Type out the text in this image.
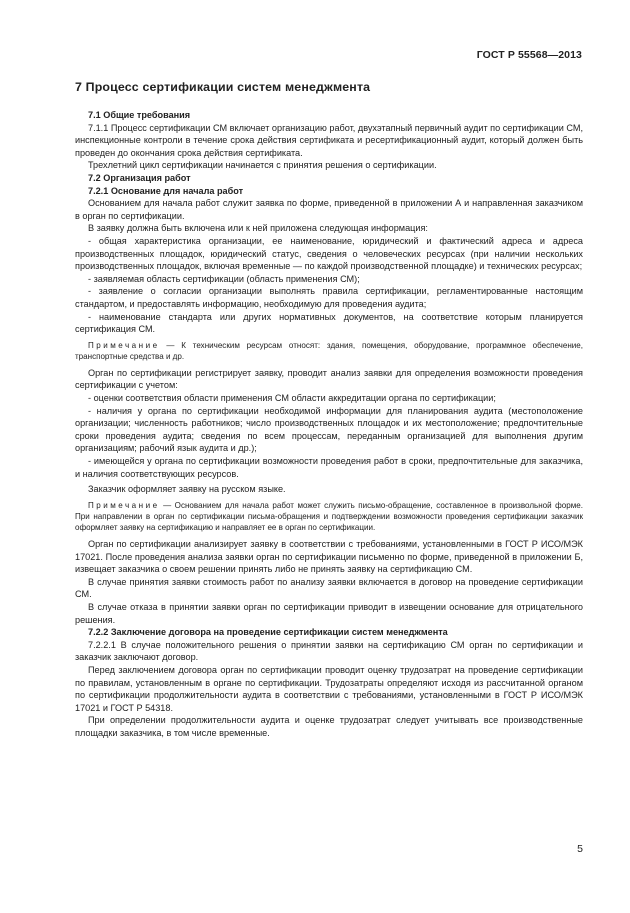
ГОСТ Р 55568—2013
7 Процесс сертификации систем менеджмента

7.1 Общие требования

7.1.1 Процесс сертификации СМ включает организацию работ, двухэтапный первичный аудит по сертификации СМ, инспекционные контроли в течение срока действия сертификата и ресертификационный аудит, который должен быть проведен до окончания срока действия сертификата.

Трехлетний цикл сертификации начинается с принятия решения о сертификации.

7.2 Организация работ

7.2.1 Основание для начала работ

Основанием для начала работ служит заявка по форме, приведенной в приложении А и направленная заказчиком в орган по сертификации.

В заявку должна быть включена или к ней приложена следующая информация:

- общая характеристика организации, ее наименование, юридический и фактический адреса и адреса производственных площадок, юридический статус, сведения о человеческих ресурсах (при наличии нескольких производственных площадок, включая временные — по каждой производственной площадке) и технических ресурсах;

- заявляемая область сертификации (область применения СМ);

- заявление о согласии организации выполнять правила сертификации, регламентированные настоящим стандартом, и предоставлять информацию, необходимую для проведения аудита;

- наименование стандарта или других нормативных документов, на соответствие которым планируется сертификация СМ.

Примечание — К техническим ресурсам относят: здания, помещения, оборудование, программное обеспечение, транспортные средства и др.

Орган по сертификации регистрирует заявку, проводит анализ заявки для определения возможности проведения сертификации с учетом:

- оценки соответствия области применения СМ области аккредитации органа по сертификации;

- наличия у органа по сертификации необходимой информации для планирования аудита (местоположение организации; численность работников; число производственных площадок и их местоположение; предпочтительные сроки проведения аудита; сведения по всем процессам, переданным организацией для выполнения другим организациям; рабочий язык аудита и др.);

- имеющейся у органа по сертификации возможности проведения работ в сроки, предпочтительные для заказчика, и наличия соответствующих ресурсов.

Заказчик оформляет заявку на русском языке.

Примечание — Основанием для начала работ может служить письмо-обращение, составленное в произвольной форме. При направлении в орган по сертификации письма-обращения и подтверждении возможности проведения сертификации заказчик оформляет заявку на сертификацию и направляет ее в орган по сертификации.

Орган по сертификации анализирует заявку в соответствии с требованиями, установленными в ГОСТ Р ИСО/МЭК 17021. После проведения анализа заявки орган по сертификации письменно по форме, приведенной в приложении Б, извещает заказчика о своем решении принять либо не принять заявку на сертификацию СМ.

В случае принятия заявки стоимость работ по анализу заявки включается в договор на проведение сертификации СМ.

В случае отказа в принятии заявки орган по сертификации приводит в извещении основание для отрицательного решения.

7.2.2 Заключение договора на проведение сертификации систем менеджмента

7.2.2.1 В случае положительного решения о принятии заявки на сертификацию СМ орган по сертификации и заказчик заключают договор.

Перед заключением договора орган по сертификации проводит оценку трудозатрат на проведение сертификации по правилам, установленным в органе по сертификации. Трудозатраты определяют исходя из рассчитанной органом по сертификации продолжительности аудита в соответствии с требованиями, установленными в ГОСТ Р ИСО/МЭК 17021 и ГОСТ Р 54318.

При определении продолжительности аудита и оценке трудозатрат следует учитывать все производственные площадки заказчика, в том числе временные.

5
